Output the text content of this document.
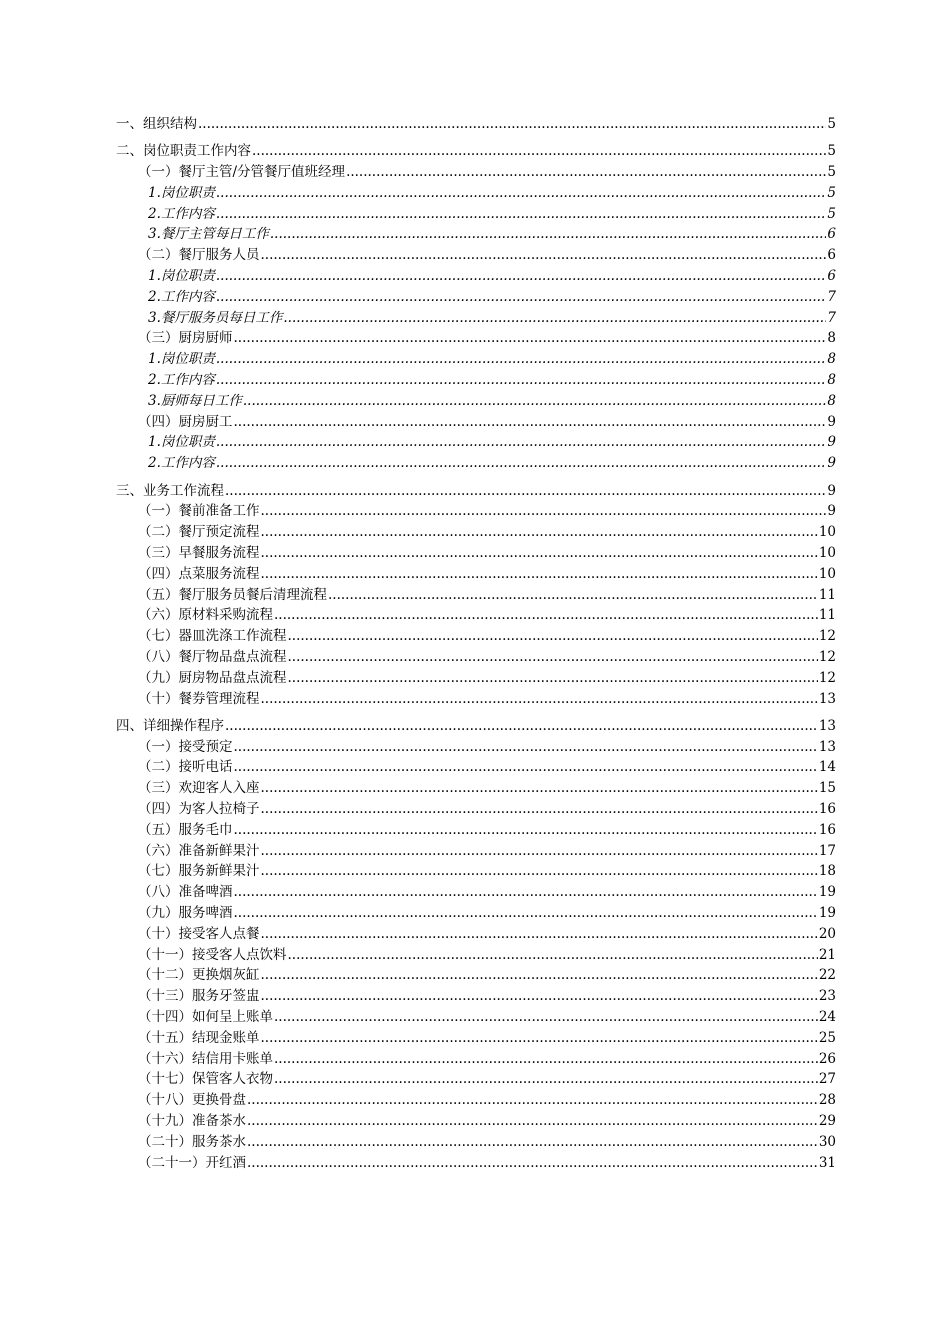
一、组织结构 .....	5
二、岗位职责工作内容 .....	5
（一）餐厅主管/分管餐厅值班经理 .....	5
1.岗位职责 .....	5
2.工作内容 .....	5
3.餐厅主管每日工作 .....	6
（二）餐厅服务人员 .....	6
1.岗位职责 .....	6
2.工作内容 .....	7
3.餐厅服务员每日工作 .....	7
（三）厨房厨师 .....	8
1.岗位职责 .....	8
2.工作内容 .....	8
3.厨师每日工作 .....	8
（四）厨房厨工 .....	9
1.岗位职责 .....	9
2.工作内容 .....	9
三、业务工作流程 .....	9
（一）餐前准备工作 .....	9
（二）餐厅预定流程 .....	10
（三）早餐服务流程 .....	10
（四）点菜服务流程 .....	10
（五）餐厅服务员餐后清理流程 .....	11
（六）原材料采购流程 .....	11
（七）器皿洗涤工作流程 .....	12
（八）餐厅物品盘点流程 .....	12
（九）厨房物品盘点流程 .....	12
（十）餐券管理流程 .....	13
四、详细操作程序 .....	13
（一）接受预定 .....	13
（二）接听电话 .....	14
（三）欢迎客人入座 .....	15
（四）为客人拉椅子 .....	16
（五）服务毛巾 .....	16
（六）准备新鲜果汁 .....	17
（七）服务新鲜果汁 .....	18
（八）准备啤酒 .....	19
（九）服务啤酒 .....	19
（十）接受客人点餐 .....	20
（十一）接受客人点饮料 .....	21
（十二）更换烟灰缸 .....	22
（十三）服务牙签盅 .....	23
（十四）如何呈上账单 .....	24
（十五）结现金账单 .....	25
（十六）结信用卡账单 .....	26
（十七）保管客人衣物 .....	27
（十八）更换骨盘 .....	28
（十九）准备茶水 .....	29
（二十）服务茶水 .....	30
（二十一）开红酒 .....	31
